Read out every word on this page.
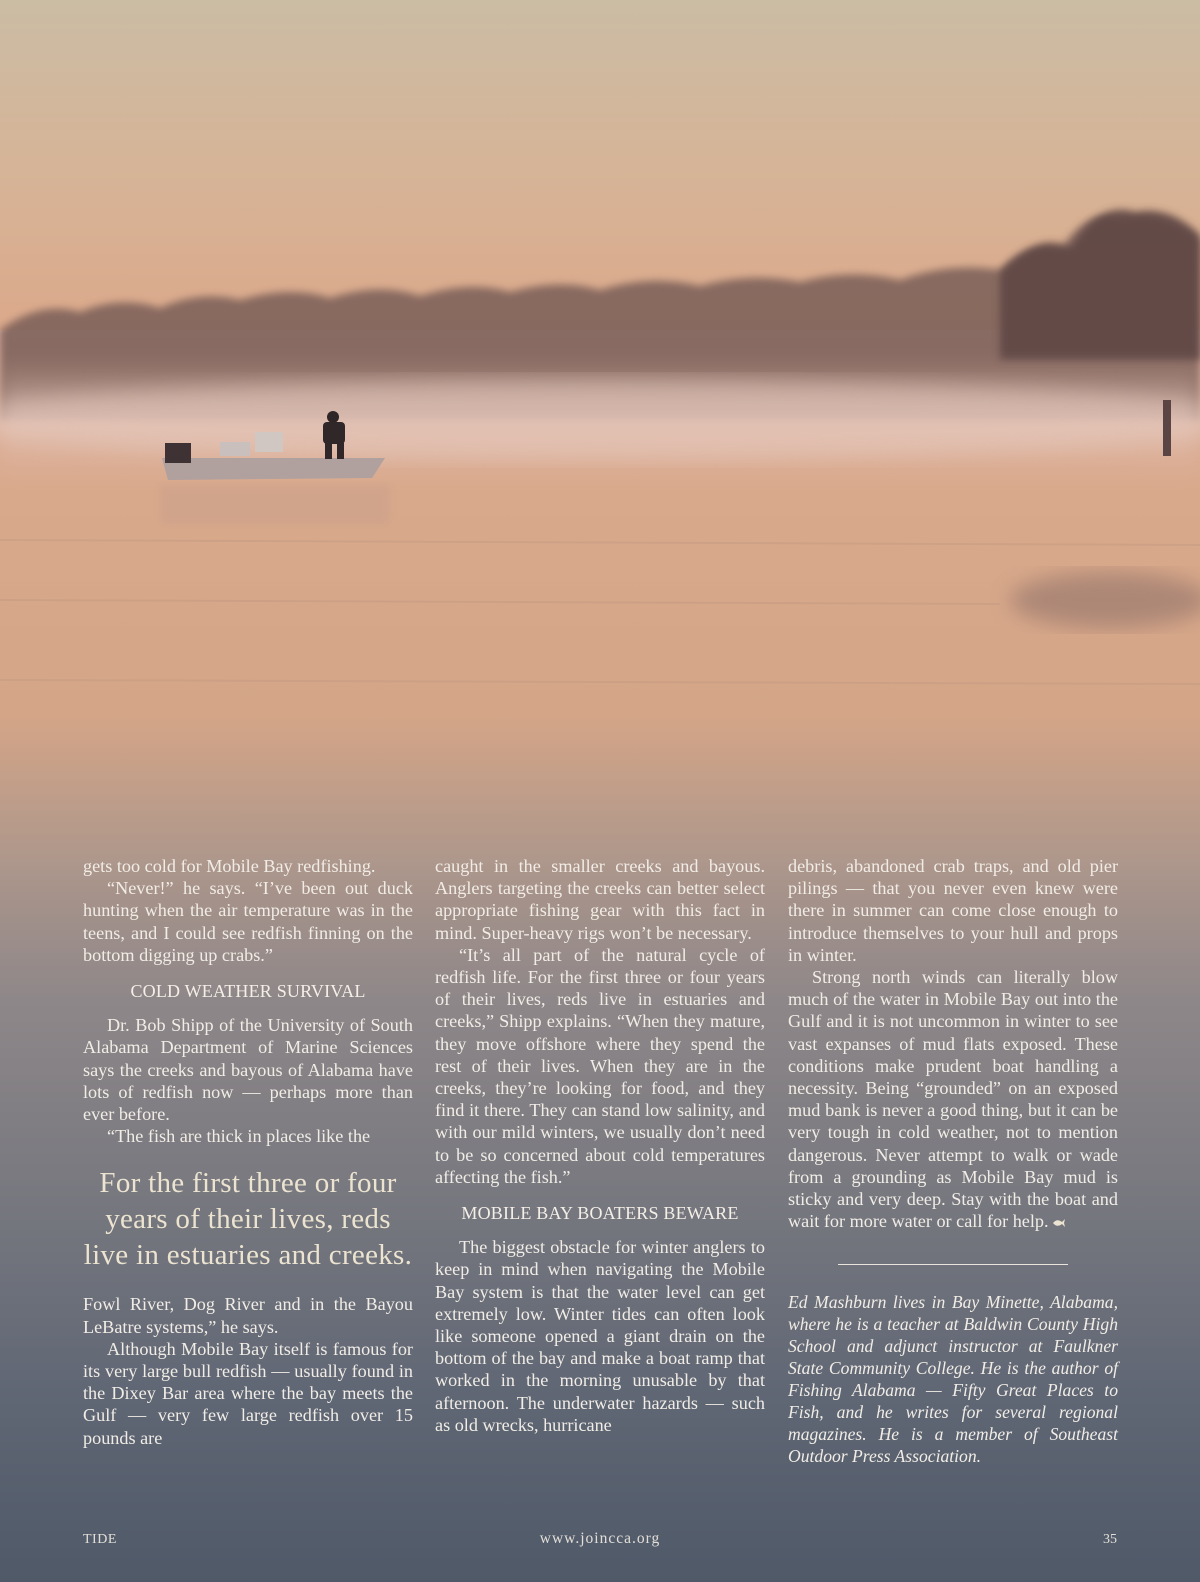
gets too cold for Mobile Bay redfishing.

“Never!” he says. “I’ve been out duck hunting when the air temperature was in the teens, and I could see redfish finning on the bottom digging up crabs.”

COLD WEATHER SURVIVAL

Dr. Bob Shipp of the University of South Alabama Department of Marine Sciences says the creeks and bayous of Alabama have lots of redfish now — perhaps more than ever before.

“The fish are thick in places like the

For the first three or four years of their lives, reds live in estuaries and creeks.

Fowl River, Dog River and in the Bayou LeBatre systems,” he says.

Although Mobile Bay itself is famous for its very large bull redfish — usually found in the Dixey Bar area where the bay meets the Gulf — very few large redfish over 15 pounds are

caught in the smaller creeks and bayous. Anglers targeting the creeks can better select appropriate fishing gear with this fact in mind. Super-heavy rigs won’t be necessary.

“It’s all part of the natural cycle of redfish life. For the first three or four years of their lives, reds live in estuaries and creeks,” Shipp explains. “When they mature, they move offshore where they spend the rest of their lives. When they are in the creeks, they’re looking for food, and they find it there. They can stand low salinity, and with our mild winters, we usually don’t need to be so concerned about cold temperatures affecting the fish.”

MOBILE BAY BOATERS BEWARE

The biggest obstacle for winter anglers to keep in mind when navigating the Mobile Bay system is that the water level can get extremely low. Winter tides can often look like someone opened a giant drain on the bottom of the bay and make a boat ramp that worked in the morning unusable by that afternoon. The underwater hazards — such as old wrecks, hurricane

debris, abandoned crab traps, and old pier pilings — that you never even knew were there in summer can come close enough to introduce themselves to your hull and props in winter.

Strong north winds can literally blow much of the water in Mobile Bay out into the Gulf and it is not uncommon in winter to see vast expanses of mud flats exposed. These conditions make prudent boat handling a necessity. Being “grounded” on an exposed mud bank is never a good thing, but it can be very tough in cold weather, not to mention dangerous. Never attempt to walk or wade from a grounding as Mobile Bay mud is sticky and very deep. Stay with the boat and wait for more water or call for help.

Ed Mashburn lives in Bay Minette, Alabama, where he is a teacher at Baldwin County High School and adjunct instructor at Faulkner State Community College. He is the author of Fishing Alabama — Fifty Great Places to Fish, and he writes for several regional magazines. He is a member of Southeast Outdoor Press Association.

TIDE	www.joincca.org	35
